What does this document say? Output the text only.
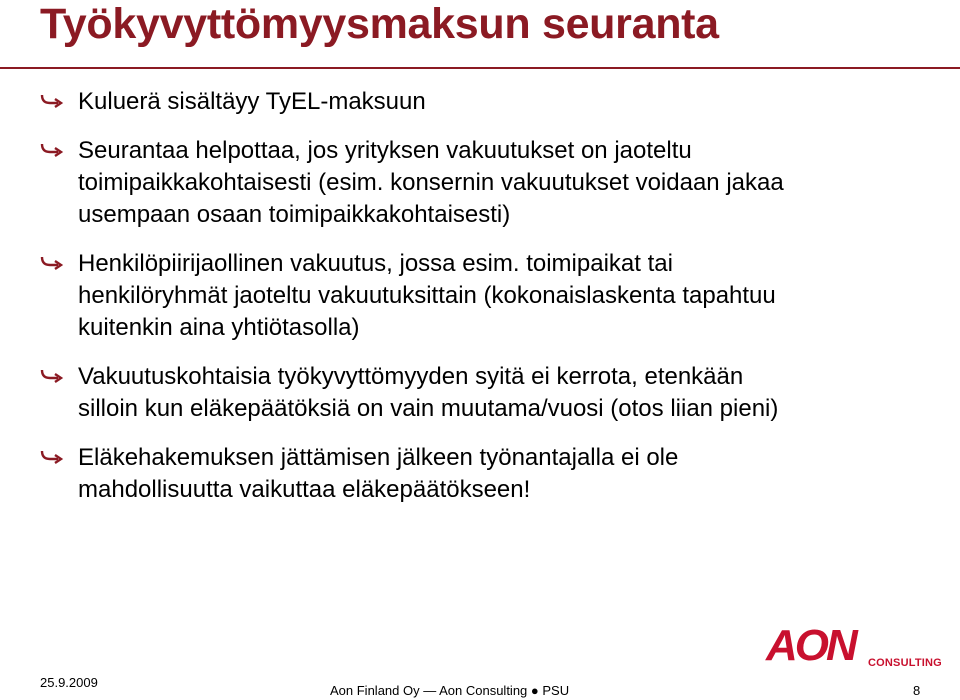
Työkyvyttömyysmaksun seuranta
Kuluerä sisältäyy TyEL-maksuun
Seurantaa helpottaa, jos yrityksen vakuutukset on jaoteltu
toimipaikkakohtaisesti (esim. konsernin vakuutukset voidaan jakaa
usempaan osaan toimipaikkakohtaisesti)
Henkilöpiirijaollinen vakuutus, jossa esim. toimipaikat tai
henkilöryhmät jaoteltu vakuutuksittain (kokonaislaskenta tapahtuu
kuitenkin aina yhtiötasolla)
Vakuutuskohtaisia työkyvyttömyyden syitä ei kerrota, etenkään
silloin kun eläkepäätöksiä on vain muutama/vuosi (otos liian pieni)
Eläkehakemuksen jättämisen jälkeen työnantajalla ei ole
mahdollisuutta vaikuttaa eläkepäätökseen!
AON	CONSULTING
25.9.2009
Aon Finland Oy — Aon Consulting ● PSU	8
